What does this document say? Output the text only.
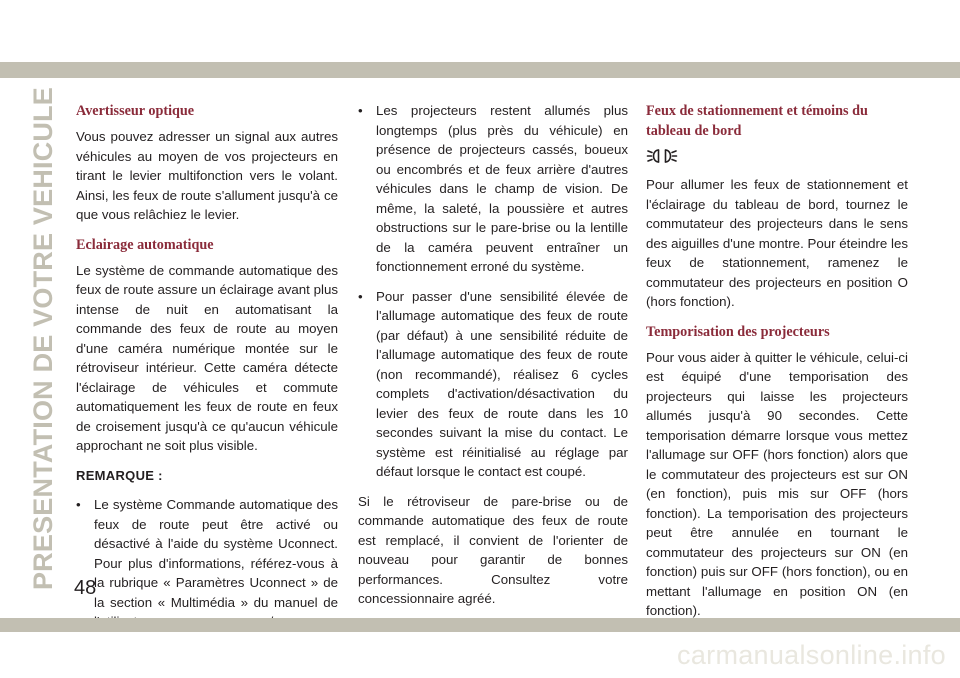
PRESENTATION DE VOTRE VEHICULE Avertisseur optique

Vous pouvez adresser un signal aux autres véhicules au moyen de vos projecteurs en tirant le levier multifonction vers le volant. Ainsi, les feux de route s'allument jusqu'à ce que vous relâchiez le levier.

Eclairage automatique

Le système de commande automatique des feux de route assure un éclairage avant plus intense de nuit en automatisant la commande des feux de route au moyen d'une caméra numérique montée sur le rétroviseur intérieur. Cette caméra détecte l'éclairage de véhicules et commute automatiquement les feux de route en feux de croisement jusqu'à ce qu'aucun véhicule approchant ne soit plus visible.

REMARQUE :
• Le système Commande automatique des feux de route peut être activé ou désactivé à l'aide du système Uconnect. Pour plus d'informations, référez-vous à la rubrique « Paramètres Uconnect » de la section « Multimédia » du manuel de
• Les projecteurs restent allumés plus longtemps (plus près du véhicule) en présence de projecteurs cassés, boueux ou encombrés et de feux arrière d'autres véhicules dans le champ de vision. De même, la saleté, la poussière et autres obstructions sur le pare-brise ou la lentille de la caméra peuvent entraîner un fonctionnement erroné du système.
• Pour passer d'une sensibilité élevée de l'allumage automatique des feux de route (par défaut) à une sensibilité réduite de l'allumage automatique des feux de route (non recommandé), réalisez 6 cycles complets d'activation/désactivation du levier des feux de route dans les 10 secondes suivant la mise du contact. Le système est réinitialisé au réglage par défaut lorsque le contact est coupé.

Si le rétroviseur de pare-brise ou de commande automatique des feux de route est remplacé, il convient de l'orienter de nouveau pour garantir de bonnes performances. Consultez votre concessionnaire agréé.

Feux de stationnement et témoins du tableau de bord

Pour allumer les feux de stationnement et l'éclairage du tableau de bord, tournez le commutateur des projecteurs dans le sens des aiguilles d'une montre. Pour éteindre les feux de stationnement, ramenez le commutateur des projecteurs en position O (hors fonction).

Temporisation des projecteurs

Pour vous aider à quitter le véhicule, celui-ci est équipé d'une temporisation des projecteurs qui laisse les projecteurs allumés jusqu'à 90 secondes. Cette temporisation démarre lorsque vous mettez l'allumage sur OFF (hors fonction) alors que le commutateur des projecteurs est sur ON (en fonction), puis mis sur OFF (hors fonction). La temporisation des projecteurs peut être annulée en tournant le commutateur des projecteurs sur ON (en fonction) puis sur OFF (hors fonction), ou en mettant l'allumage en position ON (en fonction).

48
carmanualsonline.info
